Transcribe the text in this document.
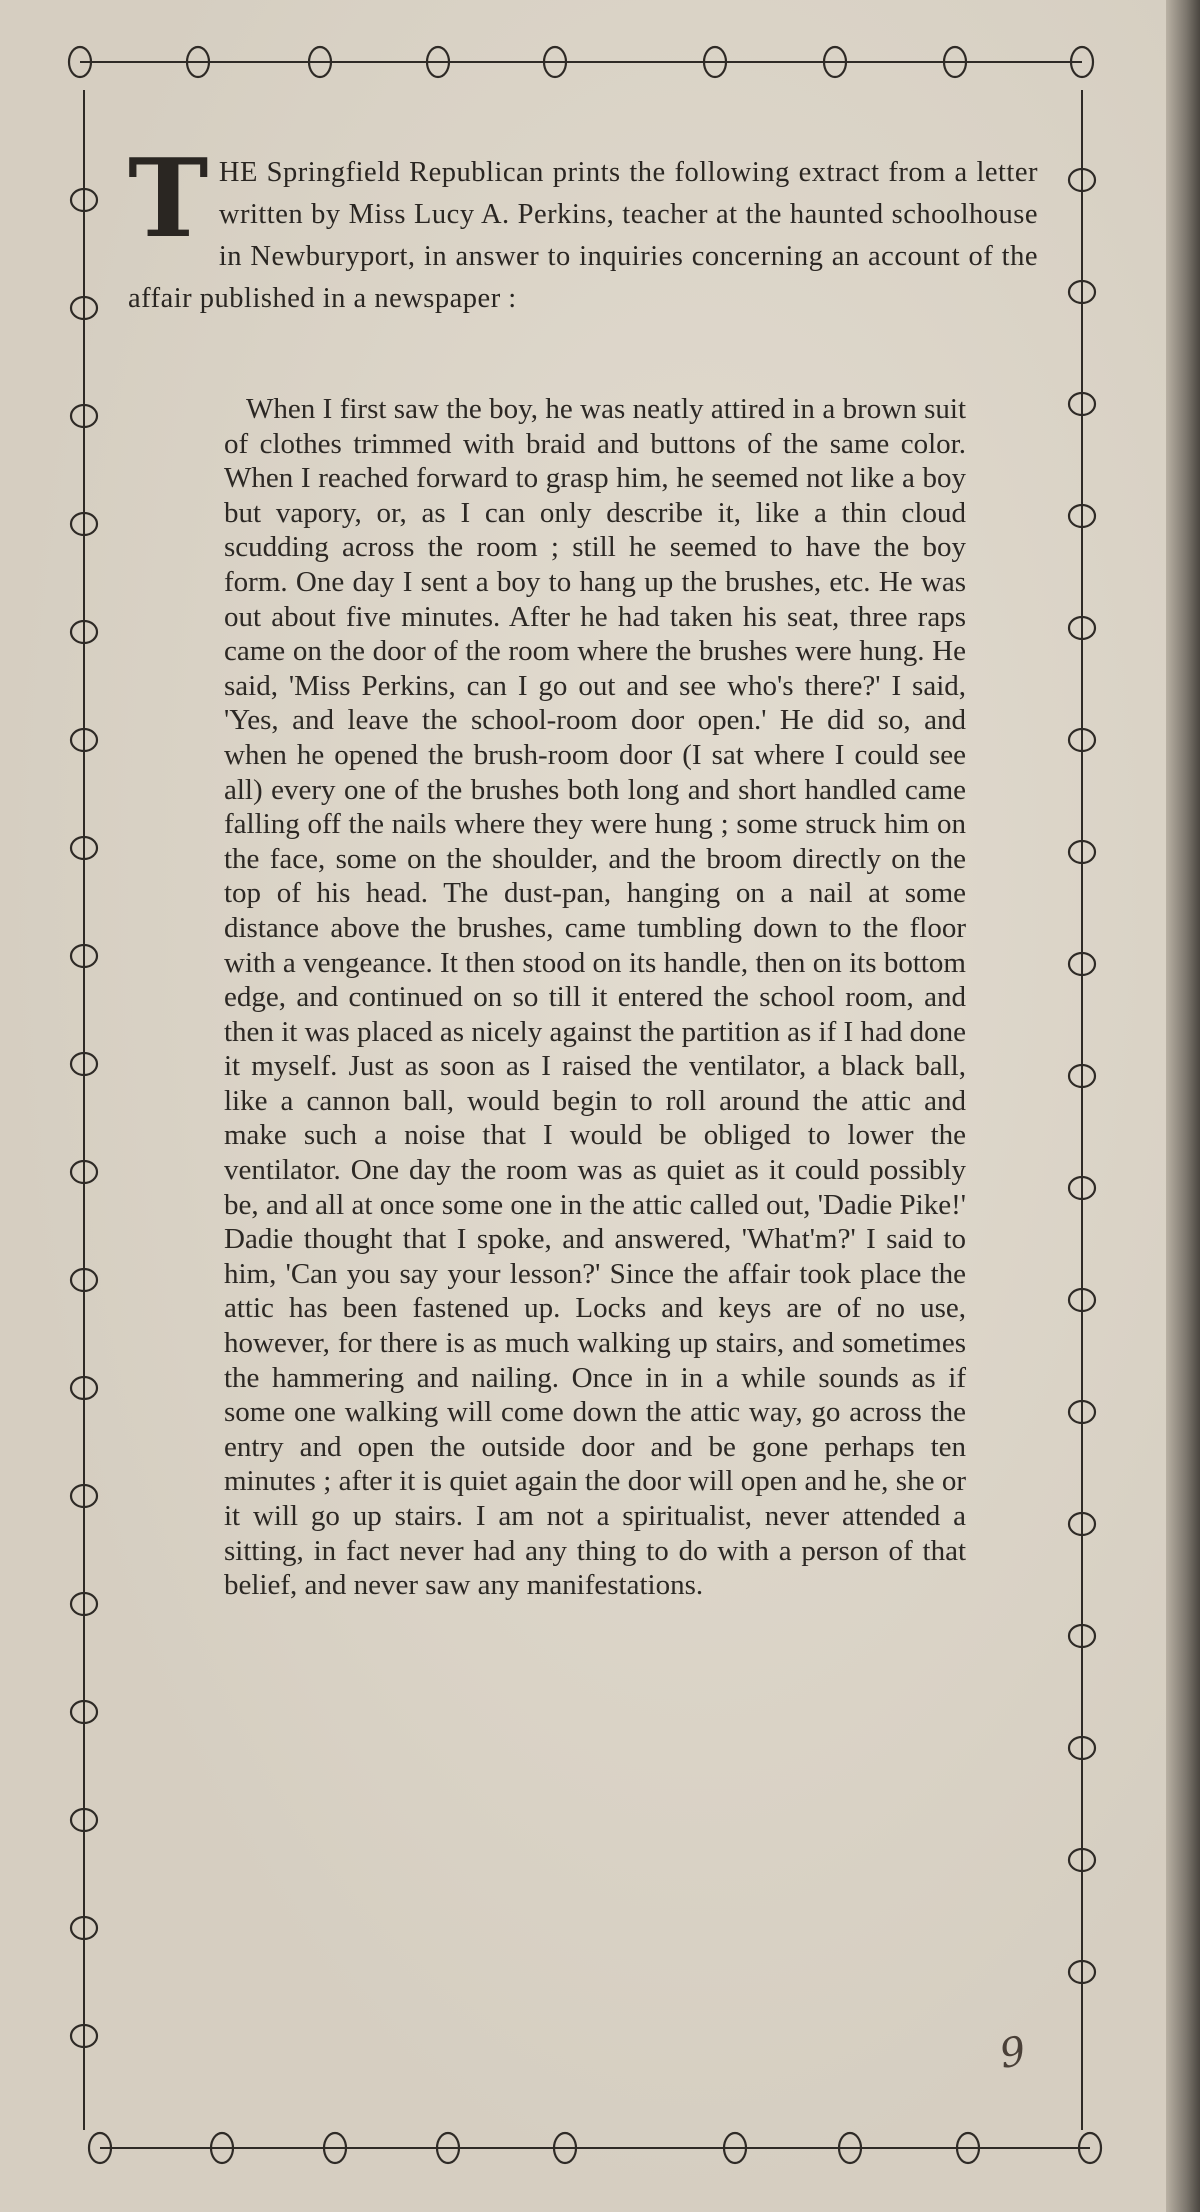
THE Springfield Republican prints the following extract from a letter written by Miss Lucy A. Perkins, teacher at the haunted schoolhouse in Newburyport, in answer to inquiries concerning an account of the affair published in a newspaper :

When I first saw the boy, he was neatly attired in a brown suit of clothes trimmed with braid and buttons of the same color. When I reached forward to grasp him, he seemed not like a boy but vapory, or, as I can only describe it, like a thin cloud scudding across the room ; still he seemed to have the boy form. One day I sent a boy to hang up the brushes, etc. He was out about five minutes. After he had taken his seat, three raps came on the door of the room where the brushes were hung. He said, 'Miss Perkins, can I go out and see who's there?' I said, 'Yes, and leave the school-room door open.' He did so, and when he opened the brush-room door (I sat where I could see all) every one of the brushes both long and short handled came falling off the nails where they were hung ; some struck him on the face, some on the shoulder, and the broom directly on the top of his head. The dust-pan, hanging on a nail at some distance above the brushes, came tumbling down to the floor with a vengeance. It then stood on its handle, then on its bottom edge, and continued on so till it entered the school room, and then it was placed as nicely against the partition as if I had done it myself. Just as soon as I raised the ventilator, a black ball, like a cannon ball, would begin to roll around the attic and make such a noise that I would be obliged to lower the ventilator. One day the room was as quiet as it could possibly be, and all at once some one in the attic called out, 'Dadie Pike!' Dadie thought that I spoke, and answered, 'What'm?' I said to him, 'Can you say your lesson?' Since the affair took place the attic has been fastened up. Locks and keys are of no use, however, for there is as much walking up stairs, and sometimes the hammering and nailing. Once in in a while sounds as if some one walking will come down the attic way, go across the entry and open the outside door and be gone perhaps ten minutes ; after it is quiet again the door will open and he, she or it will go up stairs. I am not a spiritualist, never attended a sitting, in fact never had any thing to do with a person of that belief, and never saw any manifestations.

9
